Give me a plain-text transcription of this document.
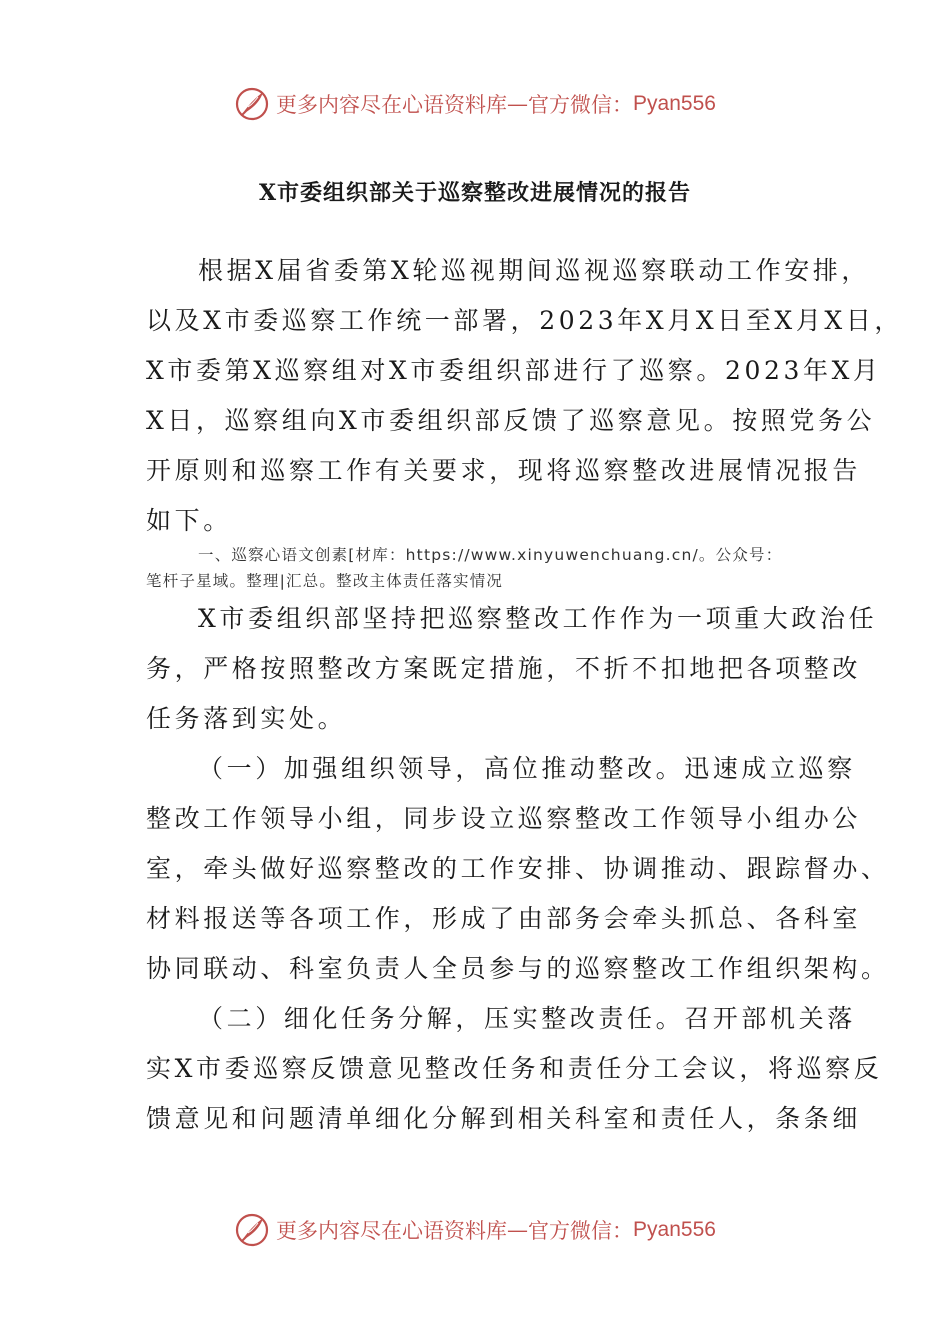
更多内容尽在心语资料库 — 官方微信： Pyan556
X市委组织部关于巡察整改进展情况的报告
根据X届省委第X轮巡视期间巡视巡察联动工作安排，
以及X市委巡察工作统一部署，2023年X月X日至X月X日，
X市委第X巡察组对X市委组织部进行了巡察。2023年X月
X日，巡察组向X市委组织部反馈了巡察意见。按照党务公
开原则和巡察工作有关要求，现将巡察整改进展情况报告
如下。
一、巡察心语文创素[材库：https://www.xinyuwenchuang.cn/。公众号：
笔杆子星域。整理|汇总。整改主体责任落实情况
X市委组织部坚持把巡察整改工作作为一项重大政治任
务，严格按照整改方案既定措施，不折不扣地把各项整改
任务落到实处。
（一）加强组织领导，高位推动整改。迅速成立巡察
整改工作领导小组，同步设立巡察整改工作领导小组办公
室，牵头做好巡察整改的工作安排、协调推动、跟踪督办、
材料报送等各项工作，形成了由部务会牵头抓总、各科室
协同联动、科室负责人全员参与的巡察整改工作组织架构。
（二）细化任务分解，压实整改责任。召开部机关落
实X市委巡察反馈意见整改任务和责任分工会议，将巡察反
馈意见和问题清单细化分解到相关科室和责任人，条条细
更多内容尽在心语资料库 — 官方微信： Pyan556
